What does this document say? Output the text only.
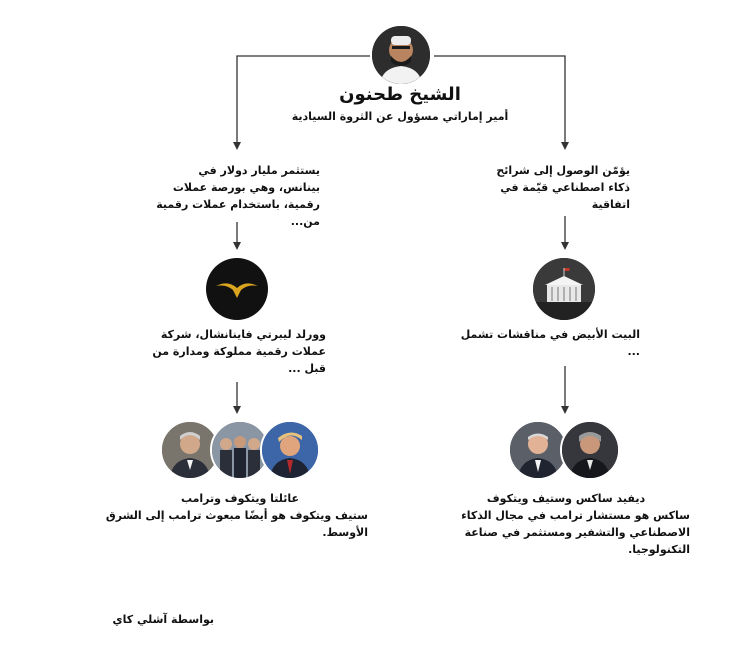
الشيخ طحنون
أمير إماراتي مسؤول عن الثروة السيادية
يستثمر مليار دولار في بينانس، وهي بورصة عملات رقمية، باستخدام عملات رقمية من...
يؤمّن الوصول إلى شرائح ذكاء اصطناعي قيّمة في اتفاقية
وورلد ليبرتي فاينانشال، شركة عملات رقمية مملوكة ومدارة من قبل ...
البيت الأبيض في مناقشات تشمل ...
عائلتا ويتكوف وترامب
ستيف ويتكوف هو أيضًا مبعوث ترامب إلى الشرق الأوسط.
ديفيد ساكس وستيف ويتكوف
ساكس هو مستشار ترامب في مجال الذكاء الاصطناعي والتشفير ومستثمر في صناعة التكنولوجيا.
بواسطة آشلي كاي
